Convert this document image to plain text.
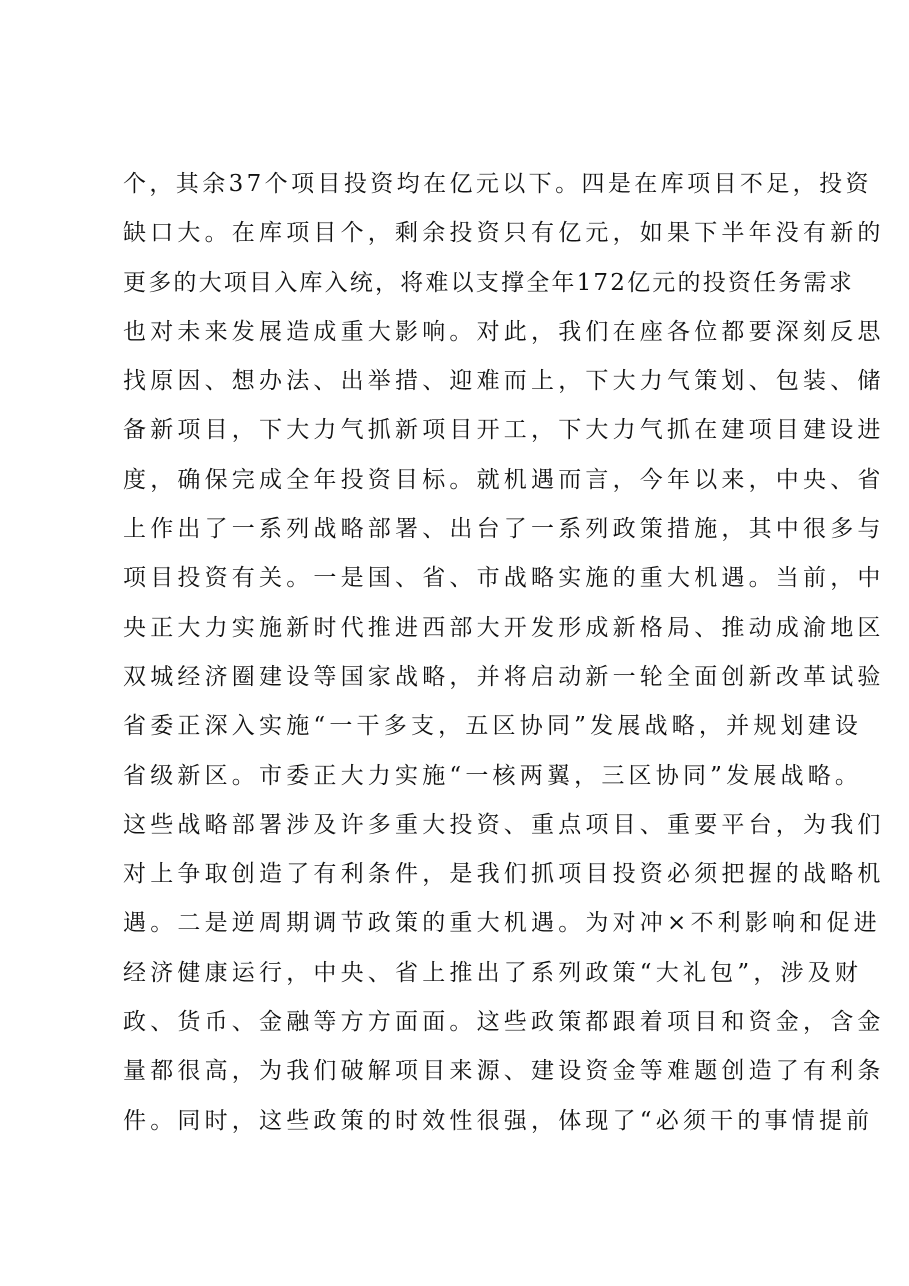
个，其余37个项目投资均在亿元以下。四是在库项目不足，投资
缺口大。在库项目个，剩余投资只有亿元，如果下半年没有新的
更多的大项目入库入统，将难以支撑全年172亿元的投资任务需求
也对未来发展造成重大影响。对此，我们在座各位都要深刻反思
找原因、想办法、出举措、迎难而上，下大力气策划、包装、储
备新项目，下大力气抓新项目开工，下大力气抓在建项目建设进
度，确保完成全年投资目标。就机遇而言，今年以来，中央、省
上作出了一系列战略部署、出台了一系列政策措施，其中很多与
项目投资有关。一是国、省、市战略实施的重大机遇。当前，中
央正大力实施新时代推进西部大开发形成新格局、推动成渝地区
双城经济圈建设等国家战略，并将启动新一轮全面创新改革试验
省委正深入实施“一干多支，五区协同”发展战略，并规划建设
省级新区。市委正大力实施“一核两翼，三区协同”发展战略。
这些战略部署涉及许多重大投资、重点项目、重要平台，为我们
对上争取创造了有利条件，是我们抓项目投资必须把握的战略机
遇。二是逆周期调节政策的重大机遇。为对冲×不利影响和促进
经济健康运行，中央、省上推出了系列政策“大礼包”，涉及财
政、货币、金融等方方面面。这些政策都跟着项目和资金，含金
量都很高，为我们破解项目来源、建设资金等难题创造了有利条
件。同时，这些政策的时效性很强，体现了“必须干的事情提前
